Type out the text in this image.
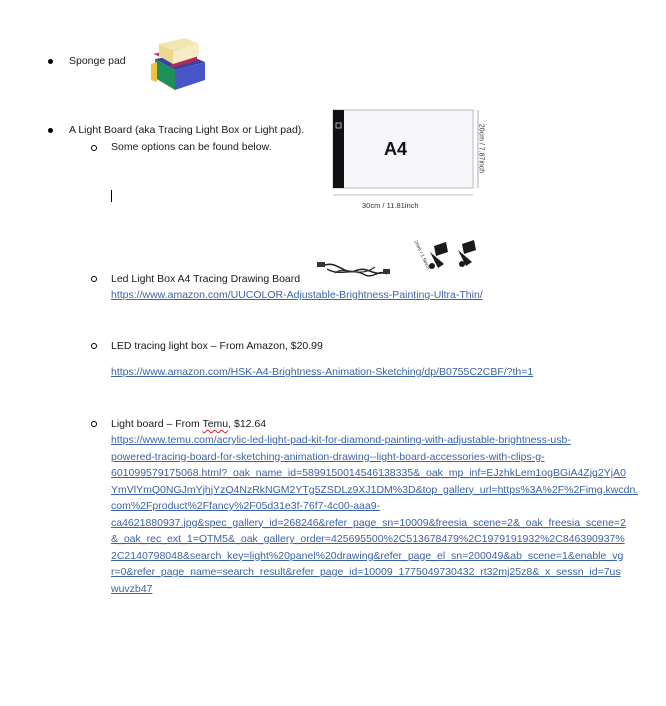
Sponge pad
A Light Board (aka Tracing Light Box or Light pad).
Some options can be found below.	A4
30cm / 11.81inch
20cm / 7.87inch
2mm / 1.5inch
Led Light Box A4 Tracing Drawing Board
https://www.amazon.com/UUCOLOR-Adjustable-Brightness-Painting-Ultra-Thin/
LED tracing light box – From Amazon, $20.99
https://www.amazon.com/HSK-A4-Brightness-Animation-Sketching/dp/B0755C2CBF/?th=1
Light board – From Temu, $12.64
https://www.temu.com/acrylic-led-light-pad-kit-for-diamond-painting-with-adjustable-brightness-usb-
powered-tracing-board-for-sketching-animation-drawing--light-board-accessories-with-clips-g-
601099579175068.html?_oak_name_id=5899150014546138335&_oak_mp_inf=EJzhkLem1ogBGiA4Zjg2YjA0
YmVlYmQ0NGJmYjhjYzQ4NzRkNGM2YTg5ZSDLz9XJ1DM%3D&top_gallery_url=https%3A%2F%2Fimg.kwcdn.
com%2Fproduct%2Ffancy%2F05d31e3f-76f7-4c00-aaa9-
ca4621880937.jpg&spec_gallery_id=268246&refer_page_sn=10009&freesia_scene=2&_oak_freesia_scene=2
&_oak_rec_ext_1=OTM5&_oak_gallery_order=425695500%2C513678479%2C1979191932%2C846390937%
2C2140798048&search_key=light%20panel%20drawing&refer_page_el_sn=200049&ab_scene=1&enable_vg
r=0&refer_page_name=search_result&refer_page_id=10009_1775049730432_rt32mj25z8&_x_sessn_id=7us
wuvzb47
